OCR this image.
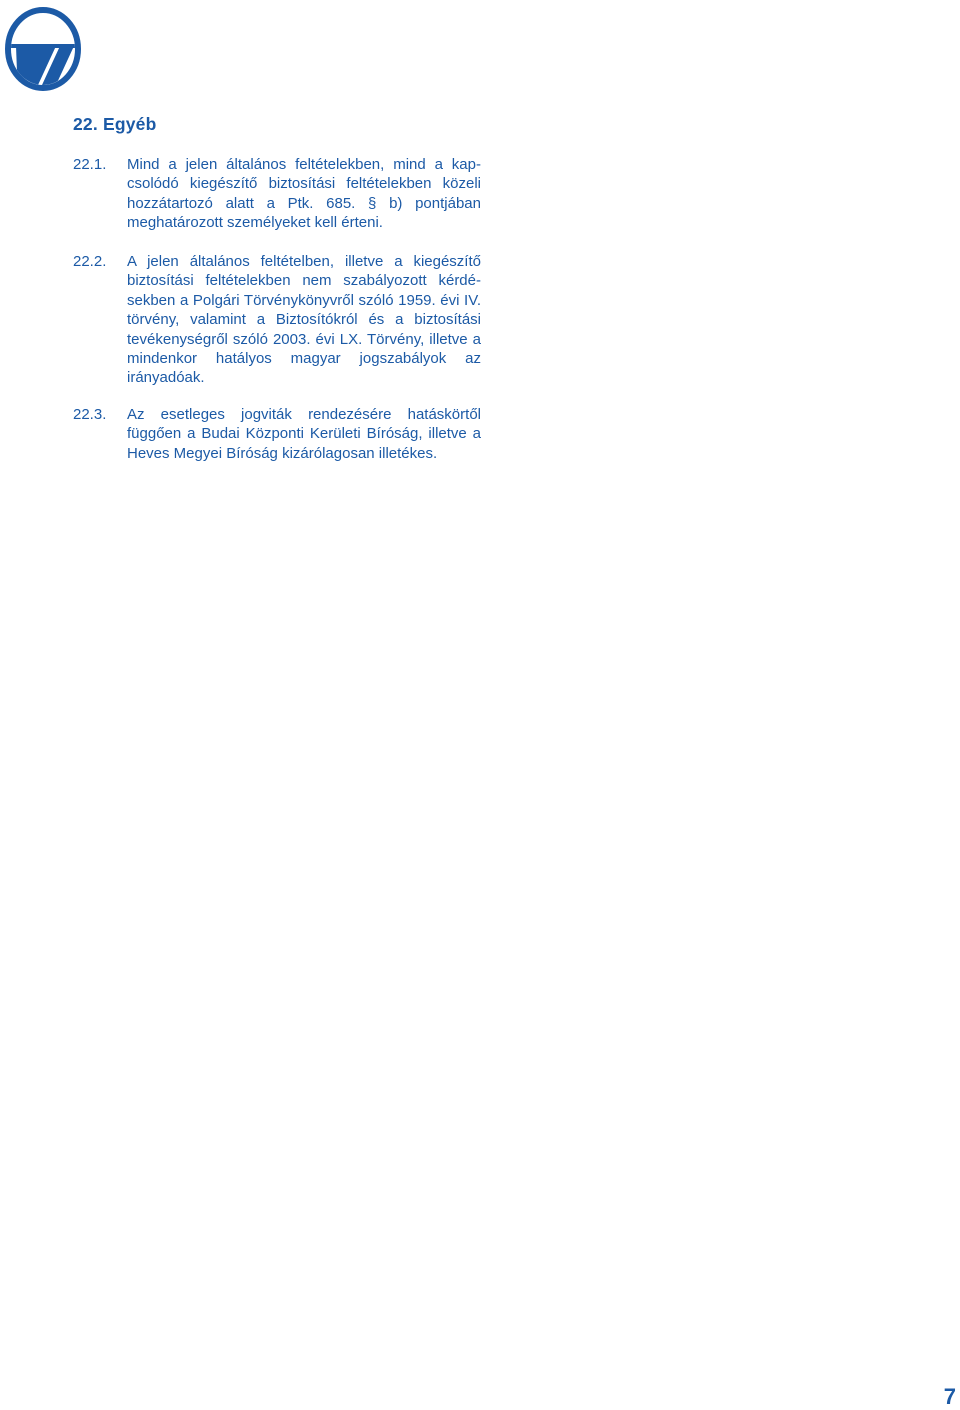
22. Egyéb
22.1.	Mind a jelen általános feltételekben, mind a kapcsolódó kiegészítő biztosítási feltételekben közeli hozzátartozó alatt a Ptk. 685. § b) pontjában meghatározott személyeket kell érteni.
22.2.	A jelen általános feltételben, illetve a kiegészítő biztosítási feltételekben nem szabályozott kérdésekben a Polgári Törvénykönyvről szóló 1959. évi IV. törvény, valamint a Biztosítókról és a biztosítási tevékenységről szóló 2003. évi LX. Törvény, illetve a mindenkor hatályos magyar jogszabályok az irányadóak.
22.3.	Az esetleges jogviták rendezésére hatáskörtől függően a Budai Központi Kerületi Bíróság, illetve a Heves Megyei Bíróság kizárólagosan illetékes.
7
